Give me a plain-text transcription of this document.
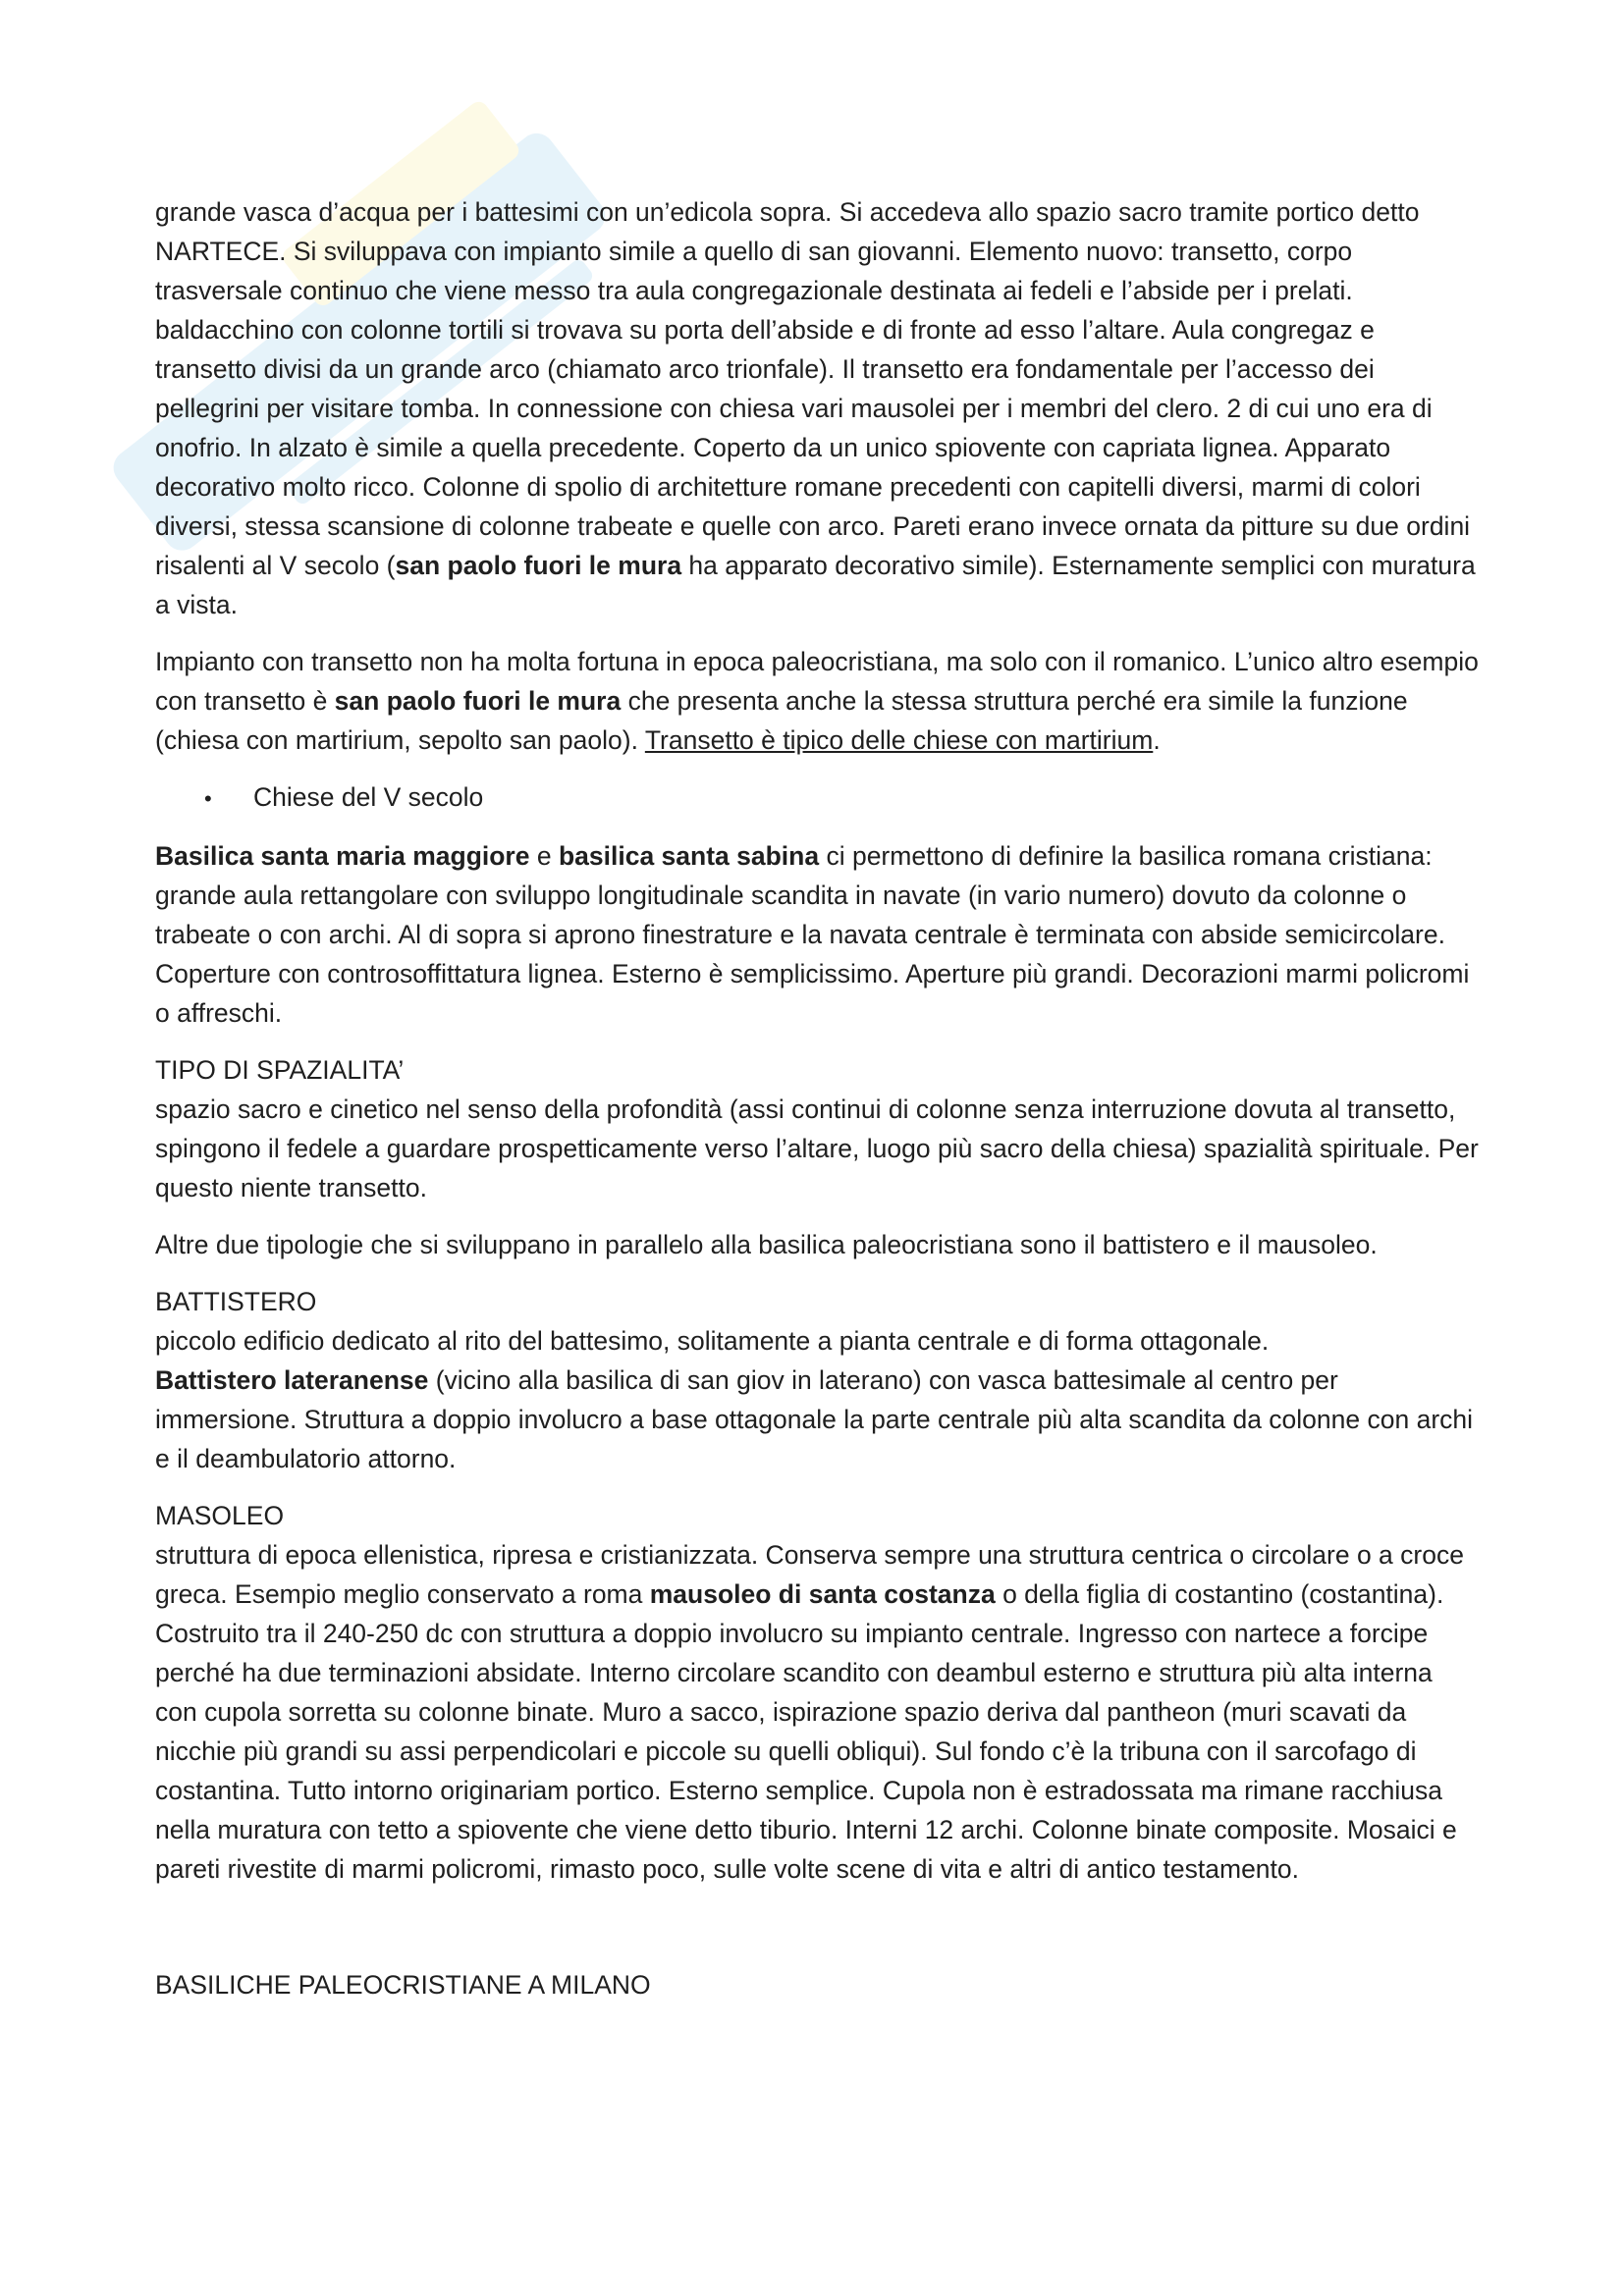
grande vasca d’acqua per i battesimi con un’edicola sopra. Si accedeva allo spazio sacro tramite portico detto NARTECE. Si sviluppava con impianto simile a quello di san giovanni. Elemento nuovo: transetto, corpo trasversale continuo che viene messo tra aula congregazionale destinata ai fedeli e l’abside per i prelati. baldacchino con colonne tortili si trovava su porta dell’abside e di fronte ad esso l’altare. Aula congregaz e transetto divisi da un grande arco (chiamato arco trionfale). Il transetto era fondamentale per l’accesso dei pellegrini per visitare tomba. In connessione con chiesa vari mausolei per i membri del clero. 2 di cui uno era di onofrio. In alzato è simile a quella precedente. Coperto da un unico spiovente con capriata lignea. Apparato decorativo molto ricco. Colonne di spolio di architetture romane precedenti con capitelli diversi, marmi di colori diversi, stessa scansione di colonne trabeate e quelle con arco. Pareti erano invece ornata da pitture su due ordini risalenti al V secolo (san paolo fuori le mura ha apparato decorativo simile). Esternamente semplici con muratura a vista.

Impianto con transetto non ha molta fortuna in epoca paleocristiana, ma solo con il romanico. L’unico altro esempio con transetto è san paolo fuori le mura che presenta anche la stessa struttura perché era simile la funzione (chiesa con martirium, sepolto san paolo). Transetto è tipico delle chiese con martirium.

•	Chiese del V secolo

Basilica santa maria maggiore e basilica santa sabina ci permettono di definire la basilica romana cristiana: grande aula rettangolare con sviluppo longitudinale scandita in navate (in vario numero) dovuto da colonne o trabeate o con archi. Al di sopra si aprono finestrature e la navata centrale è terminata con abside semicircolare. Coperture con controsoffittatura lignea. Esterno è semplicissimo. Aperture più grandi. Decorazioni marmi policromi o affreschi.

TIPO DI SPAZIALITA’

spazio sacro e cinetico nel senso della profondità (assi continui di colonne senza interruzione dovuta al transetto, spingono il fedele a guardare prospetticamente verso l’altare, luogo più sacro della chiesa) spazialità spirituale. Per questo niente transetto.

Altre due tipologie che si sviluppano in parallelo alla basilica paleocristiana sono il battistero e il mausoleo.

BATTISTERO

piccolo edificio dedicato al rito del battesimo, solitamente a pianta centrale e di forma ottagonale.

Battistero lateranense (vicino alla basilica di san giov in laterano) con vasca battesimale al centro per immersione. Struttura a doppio involucro a base ottagonale la parte centrale più alta scandita da colonne con archi e il deambulatorio attorno.

MASOLEO

struttura di epoca ellenistica, ripresa e cristianizzata. Conserva sempre una struttura centrica o circolare o a croce greca. Esempio meglio conservato a roma mausoleo di santa costanza o della figlia di costantino (costantina). Costruito tra il 240-250 dc con struttura a doppio involucro su impianto centrale. Ingresso con nartece a forcipe perché ha due terminazioni absidate. Interno circolare scandito con deambul esterno e struttura più alta interna con cupola sorretta su colonne binate. Muro a sacco, ispirazione spazio deriva dal pantheon (muri scavati da nicchie più grandi su assi perpendicolari e piccole su quelli obliqui). Sul fondo c’è la tribuna con il sarcofago di costantina. Tutto intorno originariam portico. Esterno semplice. Cupola non è estradossata ma rimane racchiusa nella muratura con tetto a spiovente che viene detto tiburio. Interni 12 archi. Colonne binate composite. Mosaici e pareti rivestite di marmi policromi, rimasto poco, sulle volte scene di vita e altri di antico testamento.

BASILICHE PALEOCRISTIANE A MILANO
